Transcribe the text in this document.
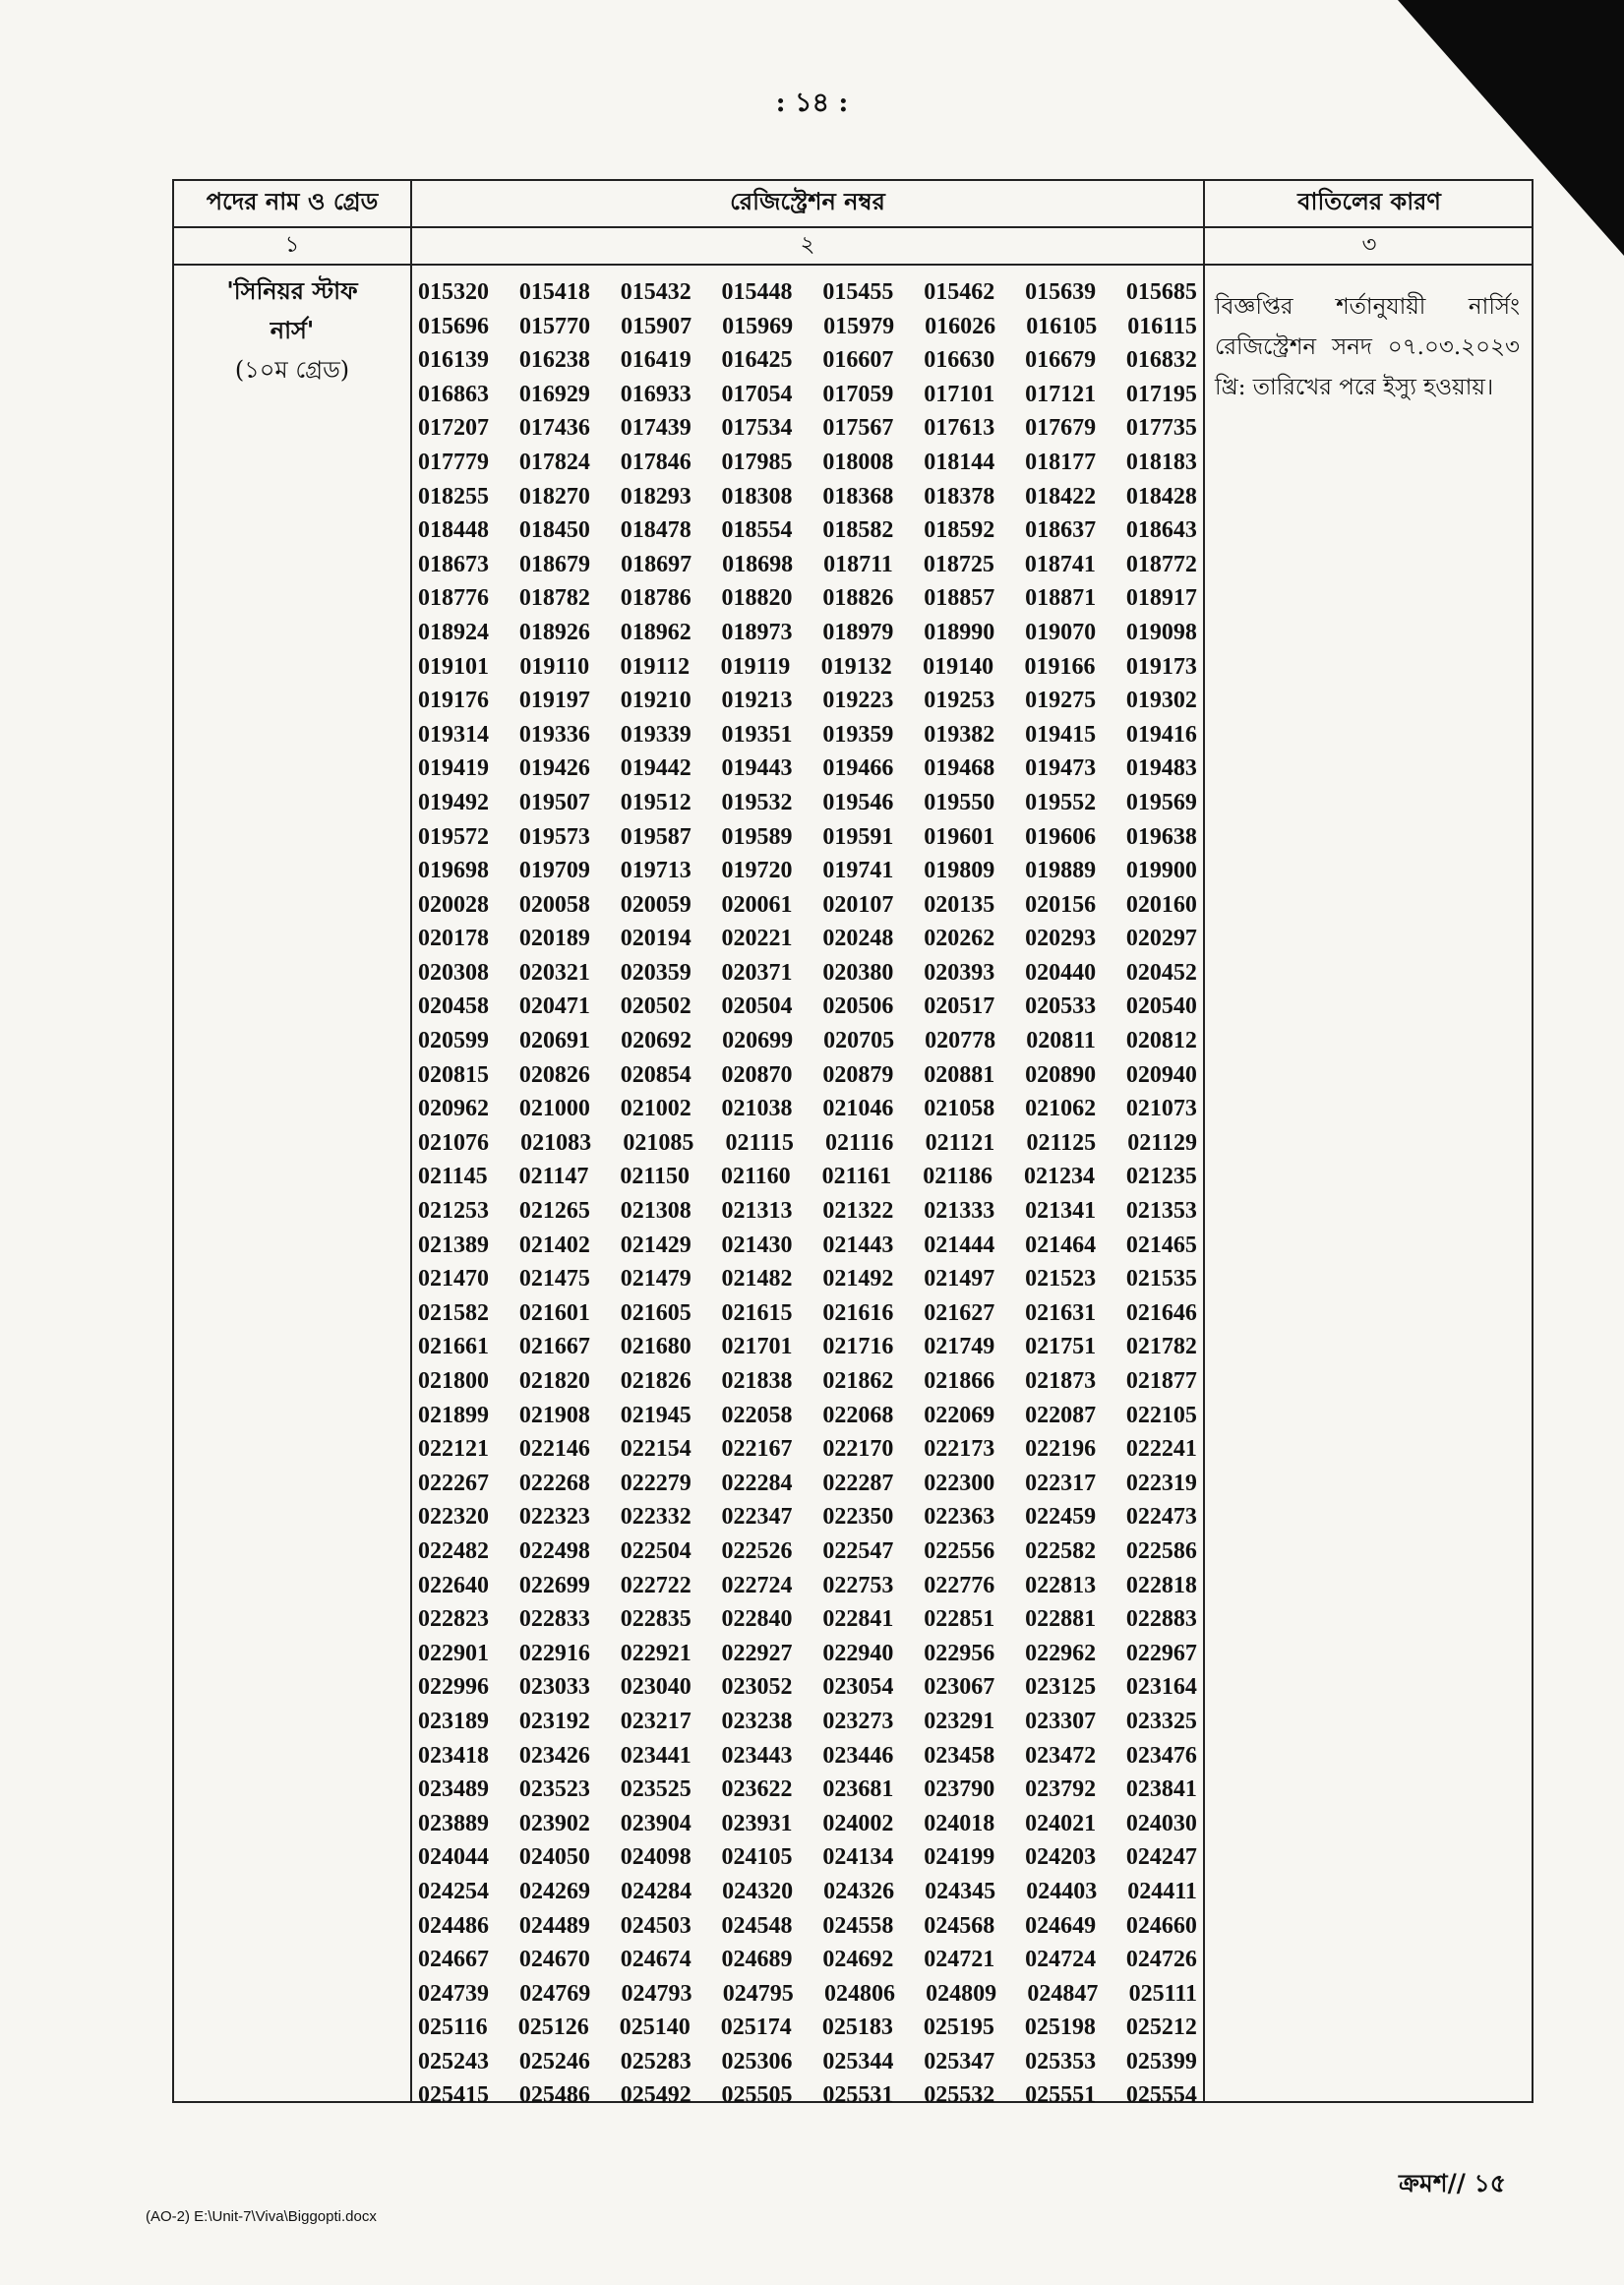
: ১৪ :
পদের নাম ও গ্রেড	রেজিস্ট্রেশন নম্বর	বাতিলের কারণ
১	২	৩
'সিনিয়র স্টাফ
নার্স'
(১০ম গ্রেড)
015320 015418 015432 015448 015455 015462 015639 015685
015696 015770 015907 015969 015979 016026 016105 016115
016139 016238 016419 016425 016607 016630 016679 016832
016863 016929 016933 017054 017059 017101 017121 017195
017207 017436 017439 017534 017567 017613 017679 017735
017779 017824 017846 017985 018008 018144 018177 018183
018255 018270 018293 018308 018368 018378 018422 018428
018448 018450 018478 018554 018582 018592 018637 018643
018673 018679 018697 018698 018711 018725 018741 018772
018776 018782 018786 018820 018826 018857 018871 018917
018924 018926 018962 018973 018979 018990 019070 019098
019101 019110 019112 019119 019132 019140 019166 019173
019176 019197 019210 019213 019223 019253 019275 019302
019314 019336 019339 019351 019359 019382 019415 019416
019419 019426 019442 019443 019466 019468 019473 019483
019492 019507 019512 019532 019546 019550 019552 019569
019572 019573 019587 019589 019591 019601 019606 019638
019698 019709 019713 019720 019741 019809 019889 019900
020028 020058 020059 020061 020107 020135 020156 020160
020178 020189 020194 020221 020248 020262 020293 020297
020308 020321 020359 020371 020380 020393 020440 020452
020458 020471 020502 020504 020506 020517 020533 020540
020599 020691 020692 020699 020705 020778 020811 020812
020815 020826 020854 020870 020879 020881 020890 020940
020962 021000 021002 021038 021046 021058 021062 021073
021076 021083 021085 021115 021116 021121 021125 021129
021145 021147 021150 021160 021161 021186 021234 021235
021253 021265 021308 021313 021322 021333 021341 021353
021389 021402 021429 021430 021443 021444 021464 021465
021470 021475 021479 021482 021492 021497 021523 021535
021582 021601 021605 021615 021616 021627 021631 021646
021661 021667 021680 021701 021716 021749 021751 021782
021800 021820 021826 021838 021862 021866 021873 021877
021899 021908 021945 022058 022068 022069 022087 022105
022121 022146 022154 022167 022170 022173 022196 022241
022267 022268 022279 022284 022287 022300 022317 022319
022320 022323 022332 022347 022350 022363 022459 022473
022482 022498 022504 022526 022547 022556 022582 022586
022640 022699 022722 022724 022753 022776 022813 022818
022823 022833 022835 022840 022841 022851 022881 022883
022901 022916 022921 022927 022940 022956 022962 022967
022996 023033 023040 023052 023054 023067 023125 023164
023189 023192 023217 023238 023273 023291 023307 023325
023418 023426 023441 023443 023446 023458 023472 023476
023489 023523 023525 023622 023681 023790 023792 023841
023889 023902 023904 023931 024002 024018 024021 024030
024044 024050 024098 024105 024134 024199 024203 024247
024254 024269 024284 024320 024326 024345 024403 024411
024486 024489 024503 024548 024558 024568 024649 024660
024667 024670 024674 024689 024692 024721 024724 024726
024739 024769 024793 024795 024806 024809 024847 025111
025116 025126 025140 025174 025183 025195 025198 025212
025243 025246 025283 025306 025344 025347 025353 025399
025415 025486 025492 025505 025531 025532 025551 025554
বিজ্ঞপ্তির শর্তানুযায়ী নার্সিং রেজিস্ট্রেশন সনদ ০৭.০৩.২০২৩ খ্রি: তারিখের পরে ইস্যু হওয়ায়।
(AO-2) E:\Unit-7\Viva\Biggopti.docx
ক্রমশ// ১৫
